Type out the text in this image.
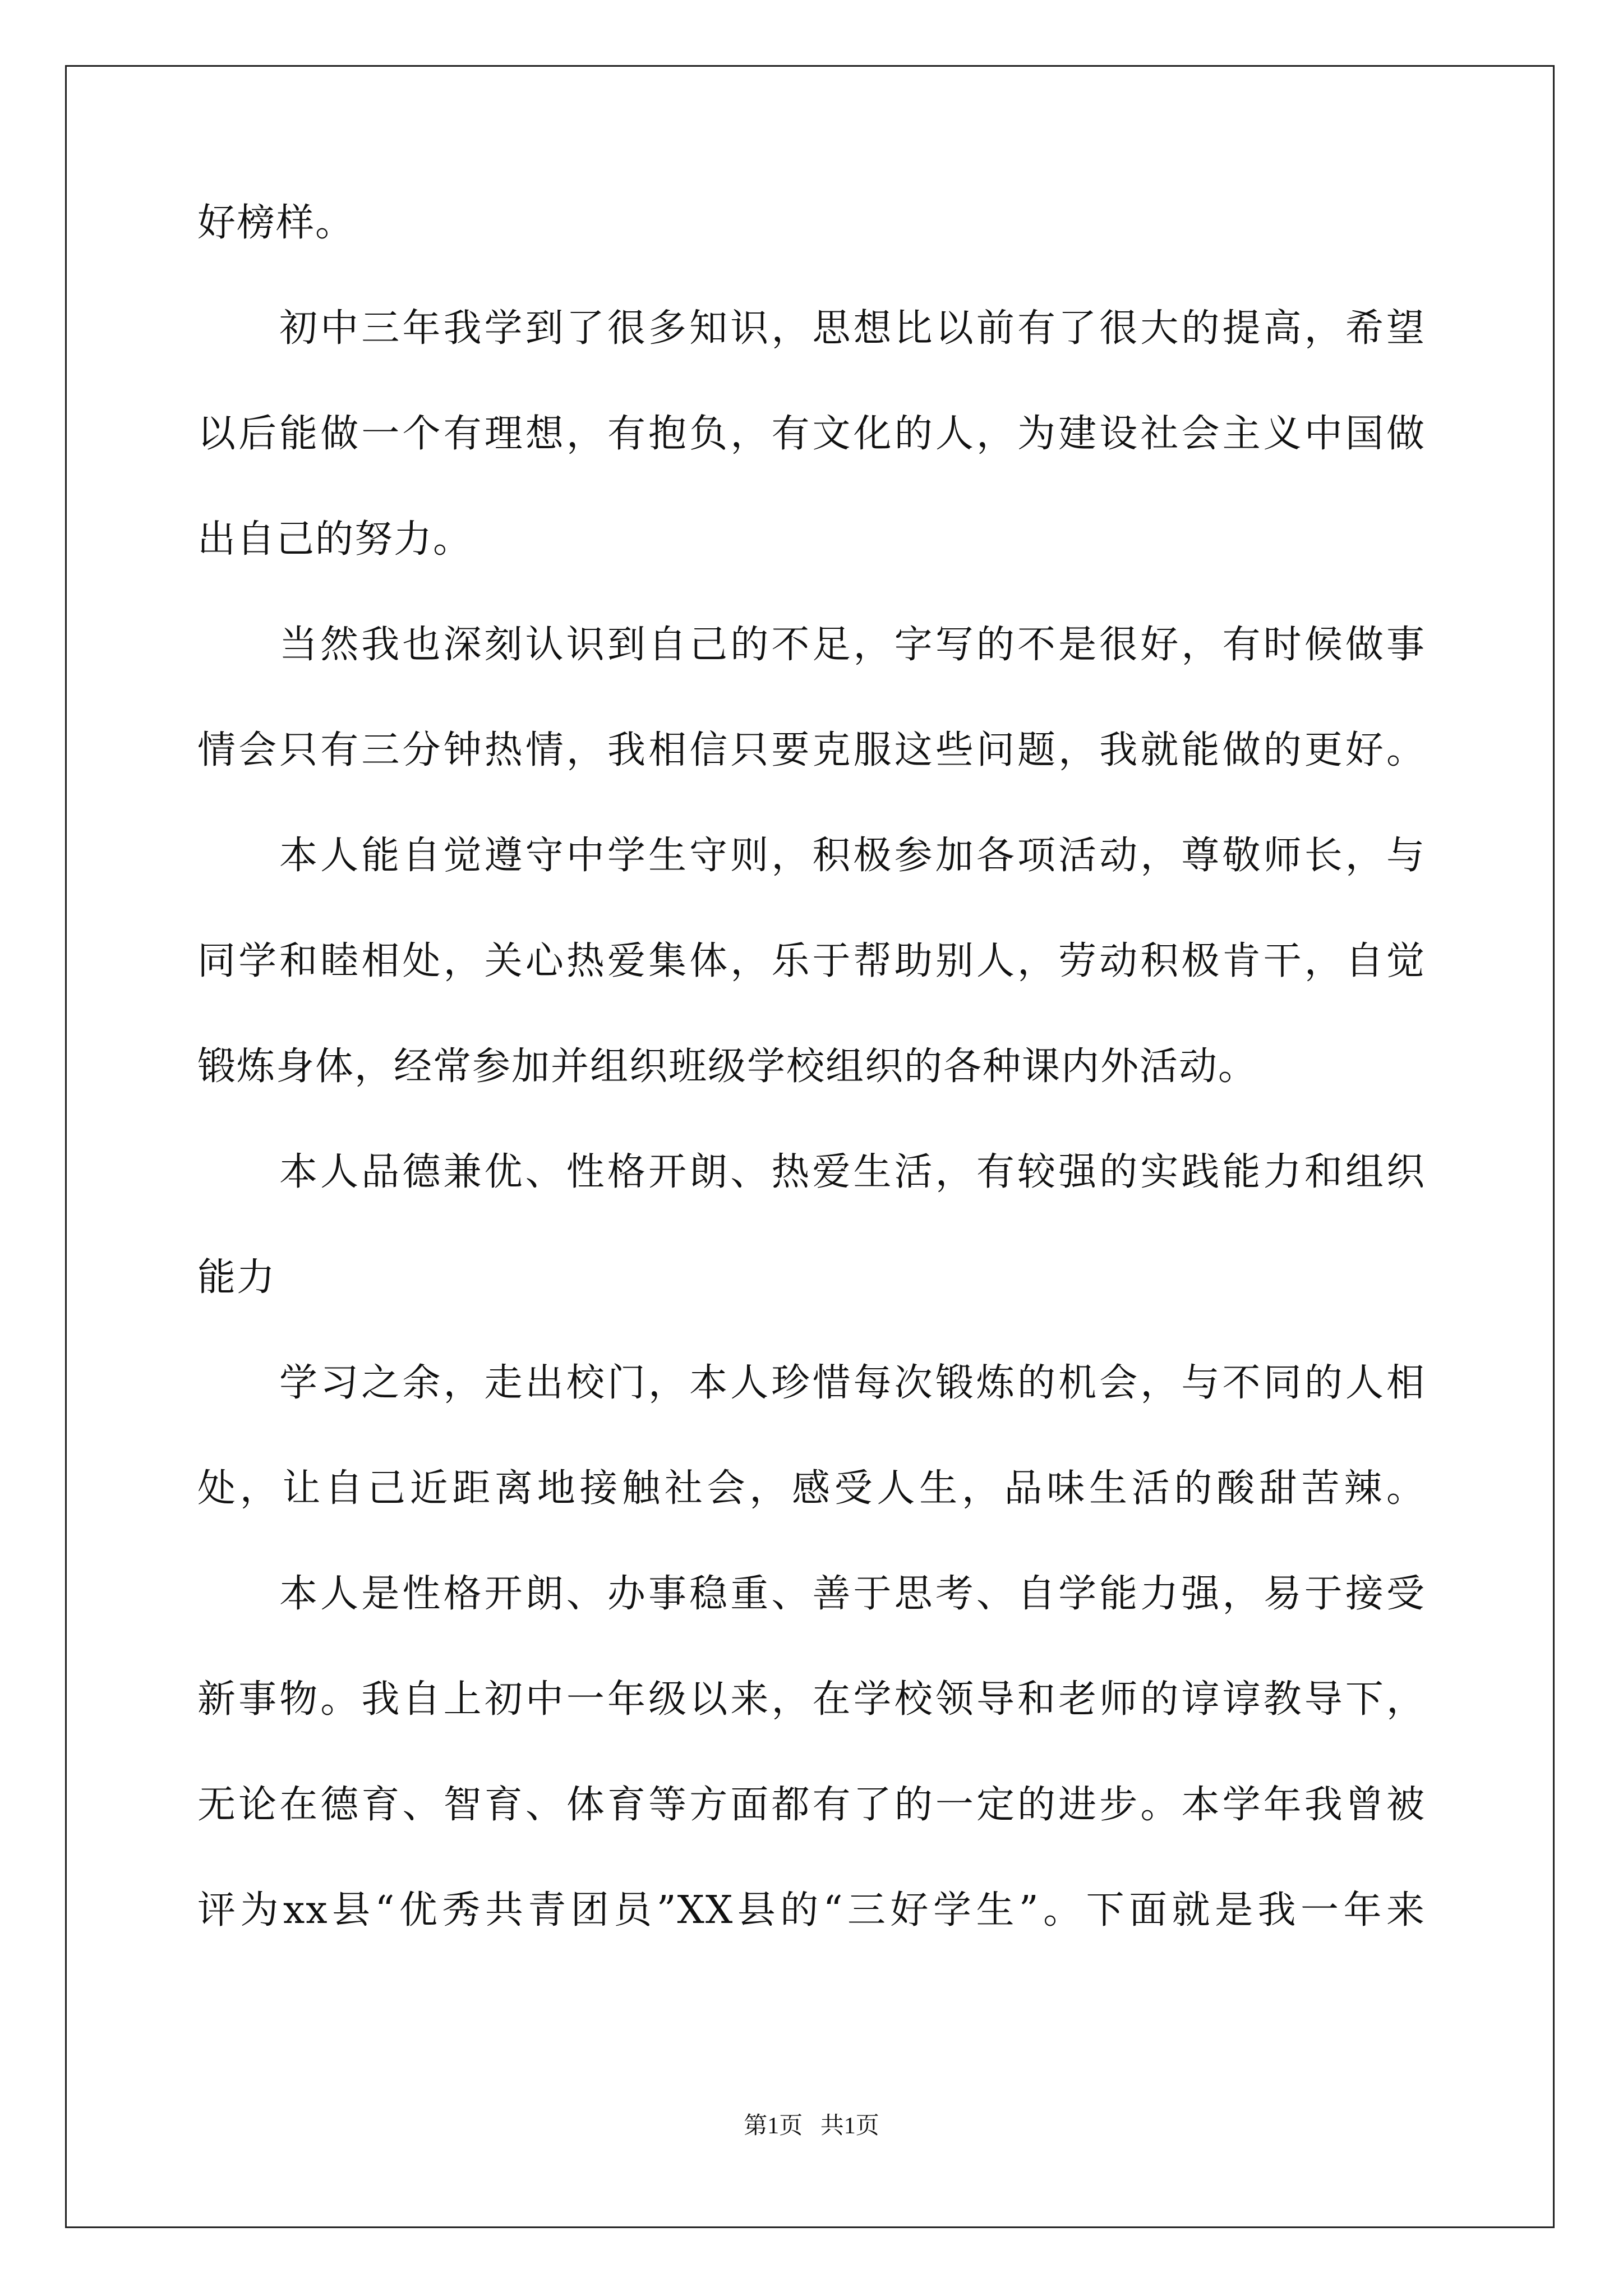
好榜样。
初中三年我学到了很多知识，思想比以前有了很大的提高，希望
以后能做一个有理想，有抱负，有文化的人，为建设社会主义中国做
出自己的努力。
当然我也深刻认识到自己的不足，字写的不是很好，有时候做事
情会只有三分钟热情，我相信只要克服这些问题，我就能做的更好。
本人能自觉遵守中学生守则，积极参加各项活动，尊敬师长，与
同学和睦相处，关心热爱集体，乐于帮助别人，劳动积极肯干，自觉
锻炼身体，经常参加并组织班级学校组织的各种课内外活动。
本人品德兼优、性格开朗、热爱生活，有较强的实践能力和组织
能力
学习之余，走出校门，本人珍惜每次锻炼的机会，与不同的人相
处，让自己近距离地接触社会，感受人生，品味生活的酸甜苦辣。
本人是性格开朗、办事稳重、善于思考、自学能力强，易于接受
新事物。我自上初中一年级以来，在学校领导和老师的谆谆教导下，
无论在德育、智育、体育等方面都有了的一定的进步。本学年我曾被
评为xx县“优秀共青团员”XX县的“三好学生”。下面就是我一年来
第1页   共1页
